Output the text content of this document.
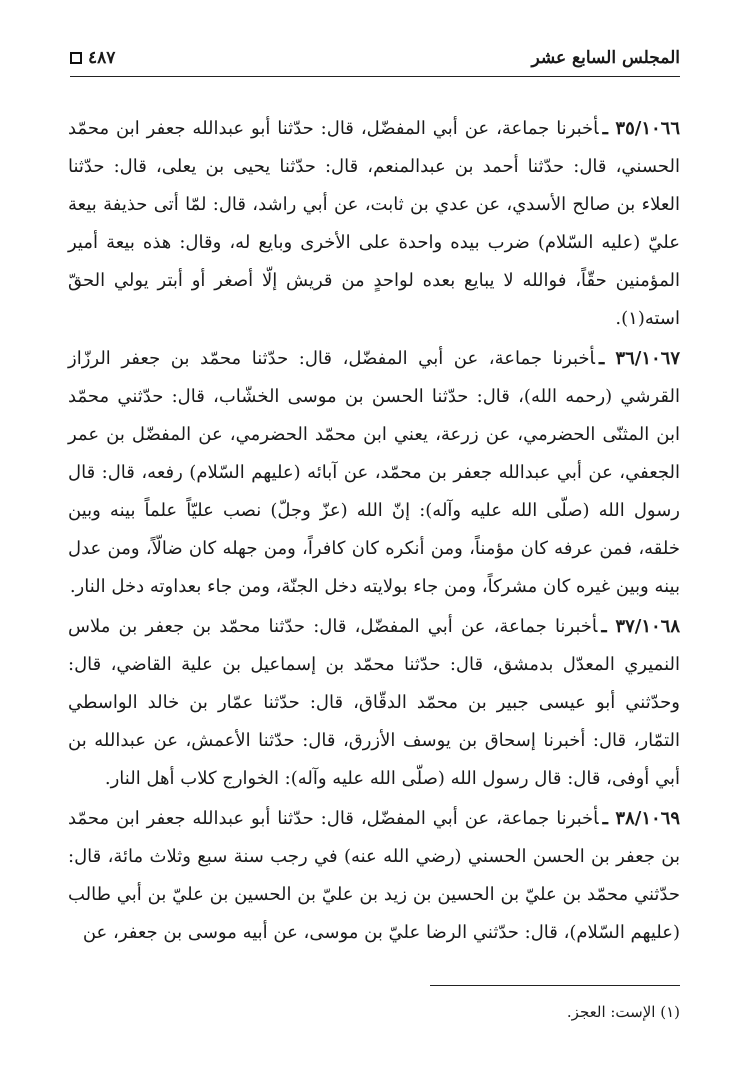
المجلس السابع عشر
٤٨٧

٣٥/١٠٦٦ ـأخبرنا جماعة، عن أبي المفضّل، قال: حدّثنا أبو عبدالله جعفر ابن محمّد الحسني، قال: حدّثنا أحمد بن عبدالمنعم، قال: حدّثنا يحيى بن يعلى، قال: حدّثنا العلاء بن صالح الأسدي، عن عدي بن ثابت، عن أبي راشد، قال: لمّا أتى حذيفة بيعة عليّ (عليه السّلام) ضرب بيده واحدة على الأخرى وبايع له، وقال: هذه بيعة أمير المؤمنين حقّاً، فوالله لا يبايع بعده لواحدٍ من قريش إلّا أصغر أو أبتر يولي الحقّ استه(١).

٣٦/١٠٦٧ ـأخبرنا جماعة، عن أبي المفضّل، قال: حدّثنا محمّد بن جعفر الرزّاز القرشي (رحمه الله)، قال: حدّثنا الحسن بن موسى الخشّاب، قال: حدّثني محمّد ابن المثنّى الحضرمي، عن زرعة، يعني ابن محمّد الحضرمي، عن المفضّل بن عمر الجعفي، عن أبي عبدالله جعفر بن محمّد، عن آبائه (عليهم السّلام) رفعه، قال: قال رسول الله (صلّى الله عليه وآله): إنّ الله (عزّ وجلّ) نصب عليّاً علماً بينه وبين خلقه، فمن عرفه كان مؤمناً، ومن أنكره كان كافراً، ومن جهله كان ضالّاً، ومن عدل بينه وبين غيره كان مشركاً، ومن جاء بولايته دخل الجنّة، ومن جاء بعداوته دخل النار.

٣٧/١٠٦٨ ـأخبرنا جماعة، عن أبي المفضّل، قال: حدّثنا محمّد بن جعفر بن ملاس النميري المعدّل بدمشق، قال: حدّثنا محمّد بن إسماعيل بن علية القاضي، قال: وحدّثني أبو عيسى جبير بن محمّد الدقّاق، قال: حدّثنا عمّار بن خالد الواسطي التمّار، قال: أخبرنا إسحاق بن يوسف الأزرق، قال: حدّثنا الأعمش، عن عبدالله بن أبي أوفى، قال: قال رسول الله (صلّى الله عليه وآله): الخوارج كلاب أهل النار.

٣٨/١٠٦٩ ـأخبرنا جماعة، عن أبي المفضّل، قال: حدّثنا أبو عبدالله جعفر ابن محمّد بن جعفر بن الحسن الحسني (رضي الله عنه) في رجب سنة سبع وثلاث مائة، قال: حدّثني محمّد بن عليّ بن الحسين بن زيد بن عليّ بن الحسين بن عليّ بن أبي طالب (عليهم السّلام)، قال: حدّثني الرضا عليّ بن موسى، عن أبيه موسى بن جعفر، عن

(١) الإست: العجز.
